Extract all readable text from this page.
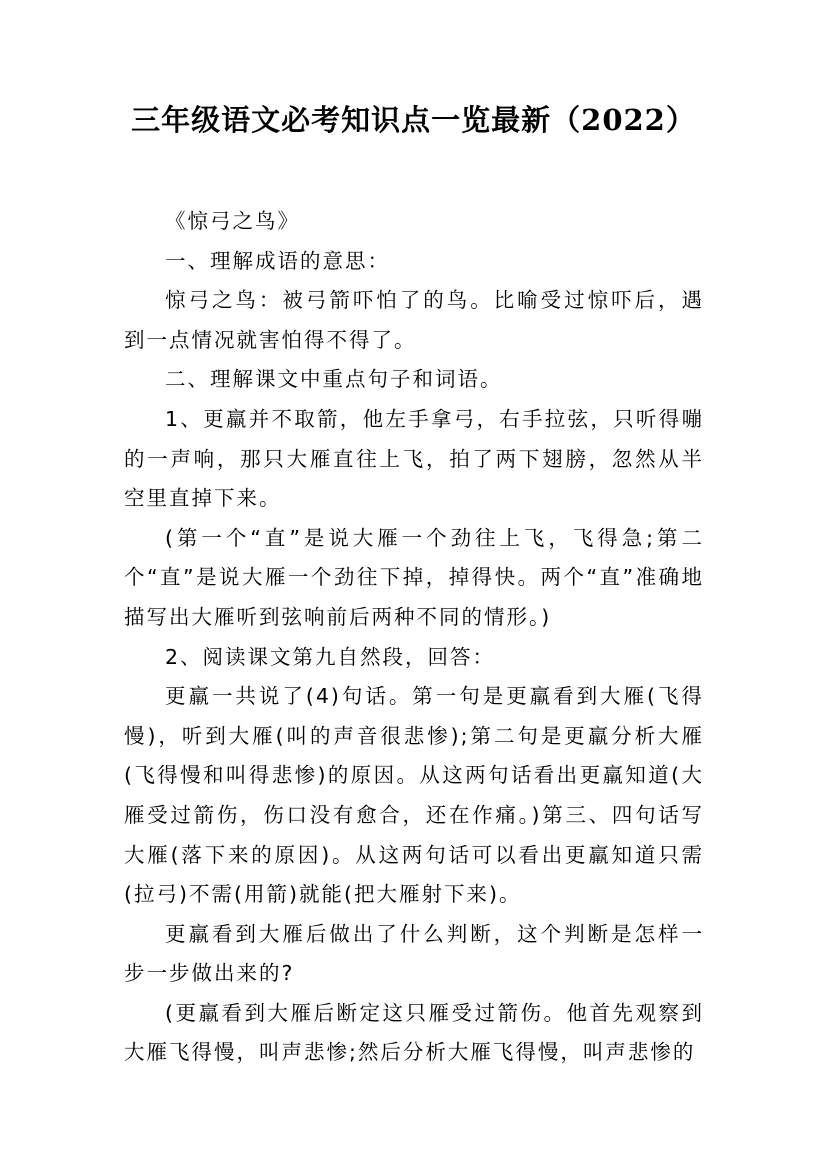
三年级语文必考知识点一览最新（2022）

《惊弓之鸟》

一、理解成语的意思：

惊弓之鸟：被弓箭吓怕了的鸟。比喻受过惊吓后，遇到一点情况就害怕得不得了。

二、理解课文中重点句子和词语。

1、更羸并不取箭，他左手拿弓，右手拉弦，只听得嘣的一声响，那只大雁直往上飞，拍了两下翅膀，忽然从半空里直掉下来。

(第一个“直”是说大雁一个劲往上飞，飞得急;第二个“直”是说大雁一个劲往下掉，掉得快。两个“直”准确地描写出大雁听到弦响前后两种不同的情形。)

2、阅读课文第九自然段，回答：

更羸一共说了(4)句话。第一句是更羸看到大雁(飞得慢)，听到大雁(叫的声音很悲惨);第二句是更羸分析大雁(飞得慢和叫得悲惨)的原因。从这两句话看出更羸知道(大雁受过箭伤，伤口没有愈合，还在作痛。)第三、四句话写大雁(落下来的原因)。从这两句话可以看出更羸知道只需(拉弓)不需(用箭)就能(把大雁射下来)。

更羸看到大雁后做出了什么判断，这个判断是怎样一步一步做出来的?

(更羸看到大雁后断定这只雁受过箭伤。他首先观察到大雁飞得慢，叫声悲惨;然后分析大雁飞得慢，叫声悲惨的
